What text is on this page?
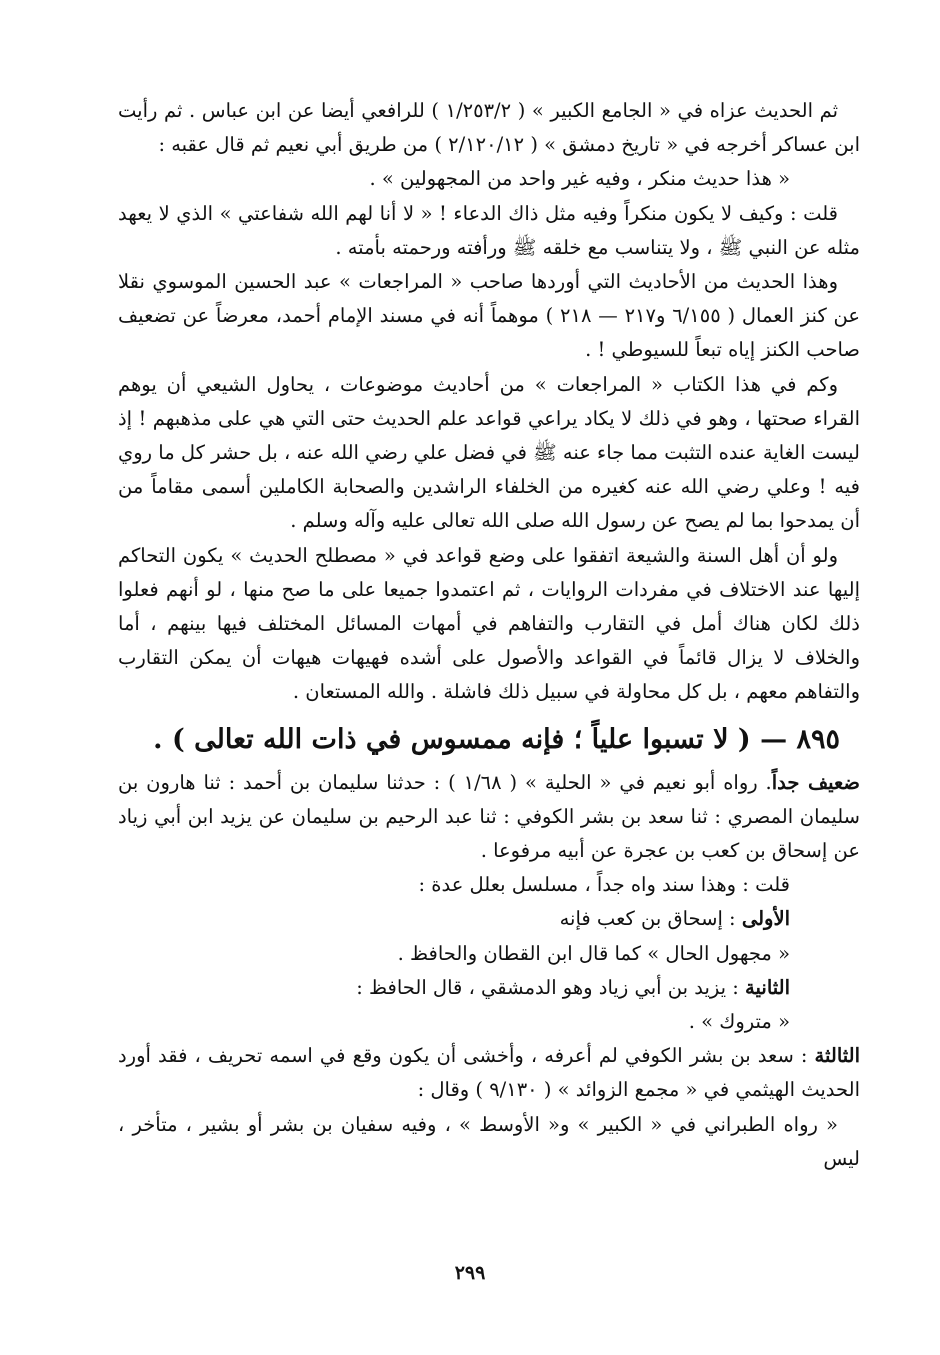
ثم الحديث عزاه في « الجامع الكبير » ( ١/٢٥٣/٢ ) للرافعي أيضا عن ابن عباس . ثم رأيت ابن عساكر أخرجه في « تاريخ دمشق » ( ٢/١٢٠/١٢ ) من طريق أبي نعيم ثم قال عقبه :

« هذا حديث منكر ، وفيه غير واحد من المجهولين » .

قلت : وكيف لا يكون منكراً وفيه مثل ذاك الدعاء ! « لا أنا لهم الله شفاعتي » الذي لا يعهد مثله عن النبي ﷺ ، ولا يتناسب مع خلقه ﷺ ورأفته ورحمته بأمته .

وهذا الحديث من الأحاديث التي أوردها صاحب « المراجعات » عبد الحسين الموسوي نقلا عن كنز العمال ( ٦/١٥٥ و٢١٧ — ٢١٨ ) موهماً أنه في مسند الإمام أحمد، معرضاً عن تضعيف صاحب الكنز إياه تبعاً للسيوطي ! .

وكم في هذا الكتاب « المراجعات » من أحاديث موضوعات ، يحاول الشيعي أن يوهم القراء صحتها ، وهو في ذلك لا يكاد يراعي قواعد علم الحديث حتى التي هي على مذهبهم ! إذ ليست الغاية عنده التثبت مما جاء عنه ﷺ في فضل علي رضي الله عنه ، بل حشر كل ما روي فيه ! وعلي رضي الله عنه كغيره من الخلفاء الراشدين والصحابة الكاملين أسمى مقاماً من أن يمدحوا بما لم يصح عن رسول الله صلى الله تعالى عليه وآله وسلم .

ولو أن أهل السنة والشيعة اتفقوا على وضع قواعد في « مصطلح الحديث » يكون التحاكم إليها عند الاختلاف في مفردات الروايات ، ثم اعتمدوا جميعا على ما صح منها ، لو أنهم فعلوا ذلك لكان هناك أمل في التقارب والتفاهم في أمهات المسائل المختلف فيها بينهم ، أما والخلاف لا يزال قائماً في القواعد والأصول على أشده فهيهات هيهات أن يمكن التقارب والتفاهم معهم ، بل كل محاولة في سبيل ذلك فاشلة . والله المستعان .

٨٩٥ — ( لا تسبوا علياً ؛ فإنه ممسوس في ذات الله تعالى ) .

ضعيف جداً. رواه أبو نعيم في « الحلية » ( ١/٦٨ ) : حدثنا سليمان بن أحمد : ثنا هارون بن سليمان المصري : ثنا سعد بن بشر الكوفي : ثنا عبد الرحيم بن سليمان عن يزيد ابن أبي زياد عن إسحاق بن كعب بن عجرة عن أبيه مرفوعا .

قلت : وهذا سند واه جداً ، مسلسل بعلل عدة :

الأولى : إسحاق بن كعب فإنه

« مجهول الحال » كما قال ابن القطان والحافظ .

الثانية : يزيد بن أبي زياد وهو الدمشقي ، قال الحافظ :

« متروك » .

الثالثة : سعد بن بشر الكوفي لم أعرفه ، وأخشى أن يكون وقع في اسمه تحريف ، فقد أورد الحديث الهيثمي في « مجمع الزوائد » ( ٩/١٣٠ ) وقال :

« رواه الطبراني في « الكبير » و« الأوسط » ، وفيه سفيان بن بشر أو بشير ، متأخر ، ليس

٢٩٩
